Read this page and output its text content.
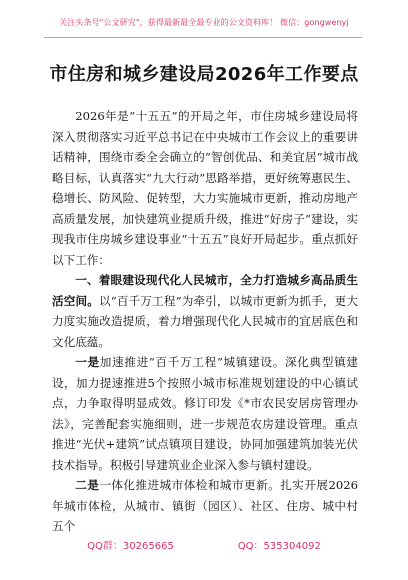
关注头条号"公文研究"，获得最新最全最专业的公文资料库！ 微信：gongwenyj
市住房和城乡建设局2026年工作要点

2026年是“十五五”的开局之年，市住房城乡建设局将深入贯彻落实习近平总书记在中央城市工作会议上的重要讲话精神，围绕市委全会确立的“智创优品、和美宜居”城市战略目标，认真落实“九大行动”思路举措，更好统筹惠民生、稳增长、防风险、促转型，大力实施城市更新，推动房地产高质量发展，加快建筑业提质升级，推进“好房子”建设，实现我市住房城乡建设事业“十五五”良好开局起步。重点抓好以下工作：

一、着眼建设现代化人民城市，全力打造城乡高品质生活空间。以“百千万工程”为牵引，以城市更新为抓手，更大力度实施改造提质，着力增强现代化人民城市的宜居底色和文化底蕴。

一是加速推进“百千万工程”城镇建设。深化典型镇建设，加力提速推进5个按照小城市标准规划建设的中心镇试点，力争取得明显成效。修订印发《*市农民安居房管理办法》，完善配套实施细则，进一步规范农房建设管理。重点推进“光伏+建筑”试点镇项目建设，协同加强建筑加装光伏技术指导。积极引导建筑业企业深入参与镇村建设。

二是一体化推进城市体检和城市更新。扎实开展2026年城市体检，从城市、镇街（园区）、社区、住房、城中村五个

QQ群：30265665	QQ：535304092
